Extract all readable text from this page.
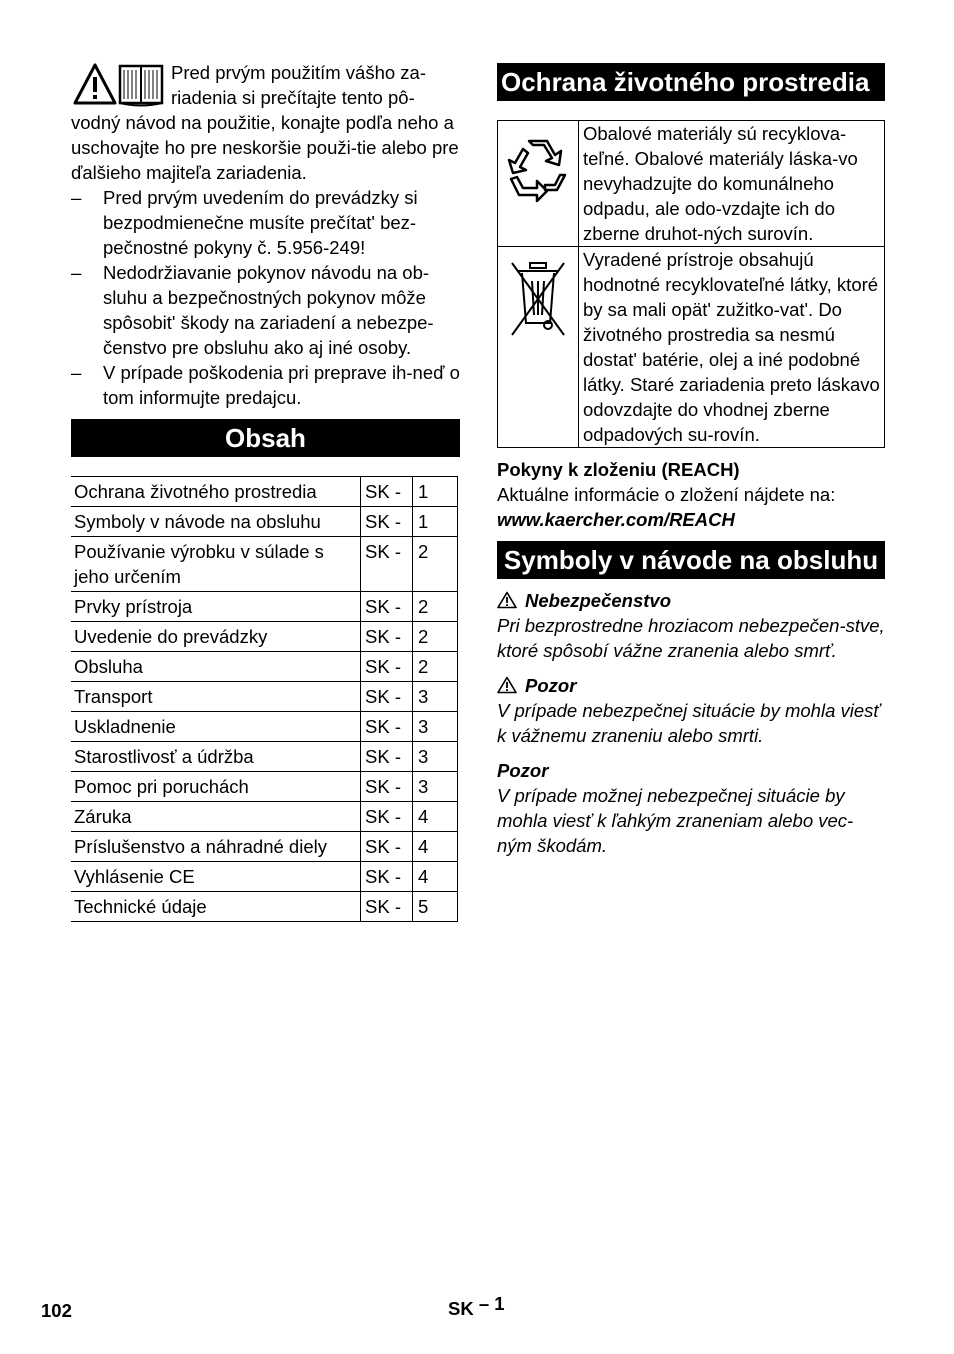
Pred prvým použitím vášho za-riadenia si prečítajte tento pô-vodný návod na použitie, konajte podľa neho a uschovajte ho pre neskoršie použi-tie alebo pre ďalšieho majiteľa zariadenia.

– Pred prvým uvedením do prevádzky si bezpodmienečne musíte prečítat' bez-pečnostné pokyny č. 5.956-249!
– Nedodržiavanie pokynov návodu na ob-sluhu a bezpečnostných pokynov môže spôsobit' škody na zariadení a nebezpe-čenstvo pre obsluhu ako aj iné osoby.
– V prípade poškodenia pri preprave ih-neď o tom informujte predajcu.
Obsah
Ochrana životného prostredia	SK -	1
Symboly v návode na obsluhu	SK -	1
Používanie výrobku v súlade s jeho určením	SK -	2
Prvky prístroja	SK -	2
Uvedenie do prevádzky	SK -	2
Obsluha	SK -	2
Transport	SK -	3
Uskladnenie	SK -	3
Starostlivosť a údržba	SK -	3
Pomoc pri poruchách	SK -	3
Záruka	SK -	4
Príslušenstvo a náhradné diely	SK -	4
Vyhlásenie CE	SK -	4
Technické údaje	SK -	5
Ochrana životného prostredia
	Obalové materiály sú recyklova-teľné. Obalové materiály láska-vo nevyhadzujte do komunálneho odpadu, ale odo-vzdajte ich do zberne druhot-ných surovín.

	Vyradené prístroje obsahujú hodnotné recyklovateľné látky, ktoré by sa mali opät' zužitko-vat'. Do životného prostredia sa nesmú dostat' batérie, olej a iné podobné látky. Staré zariadenia preto láskavo odovzdajte do vhodnej zberne odpadových su-rovín.

Pokyny k zloženiu (REACH)

Aktuálne informácie o zložení nájdete na:

www.kaercher.com/REACH

Symboly v návode na obsluhu
Nebezpečenstvo

Pri bezprostredne hroziacom nebezpečen-stve, ktoré spôsobí vážne zranenia alebo smrť.

Pozor

V prípade nebezpečnej situácie by mohla viesť k vážnemu zraneniu alebo smrti.

Pozor

V prípade možnej nebezpečnej situácie by mohla viesť k ľahkým zraneniam alebo vec-ným škodám.

102	SK – 1
